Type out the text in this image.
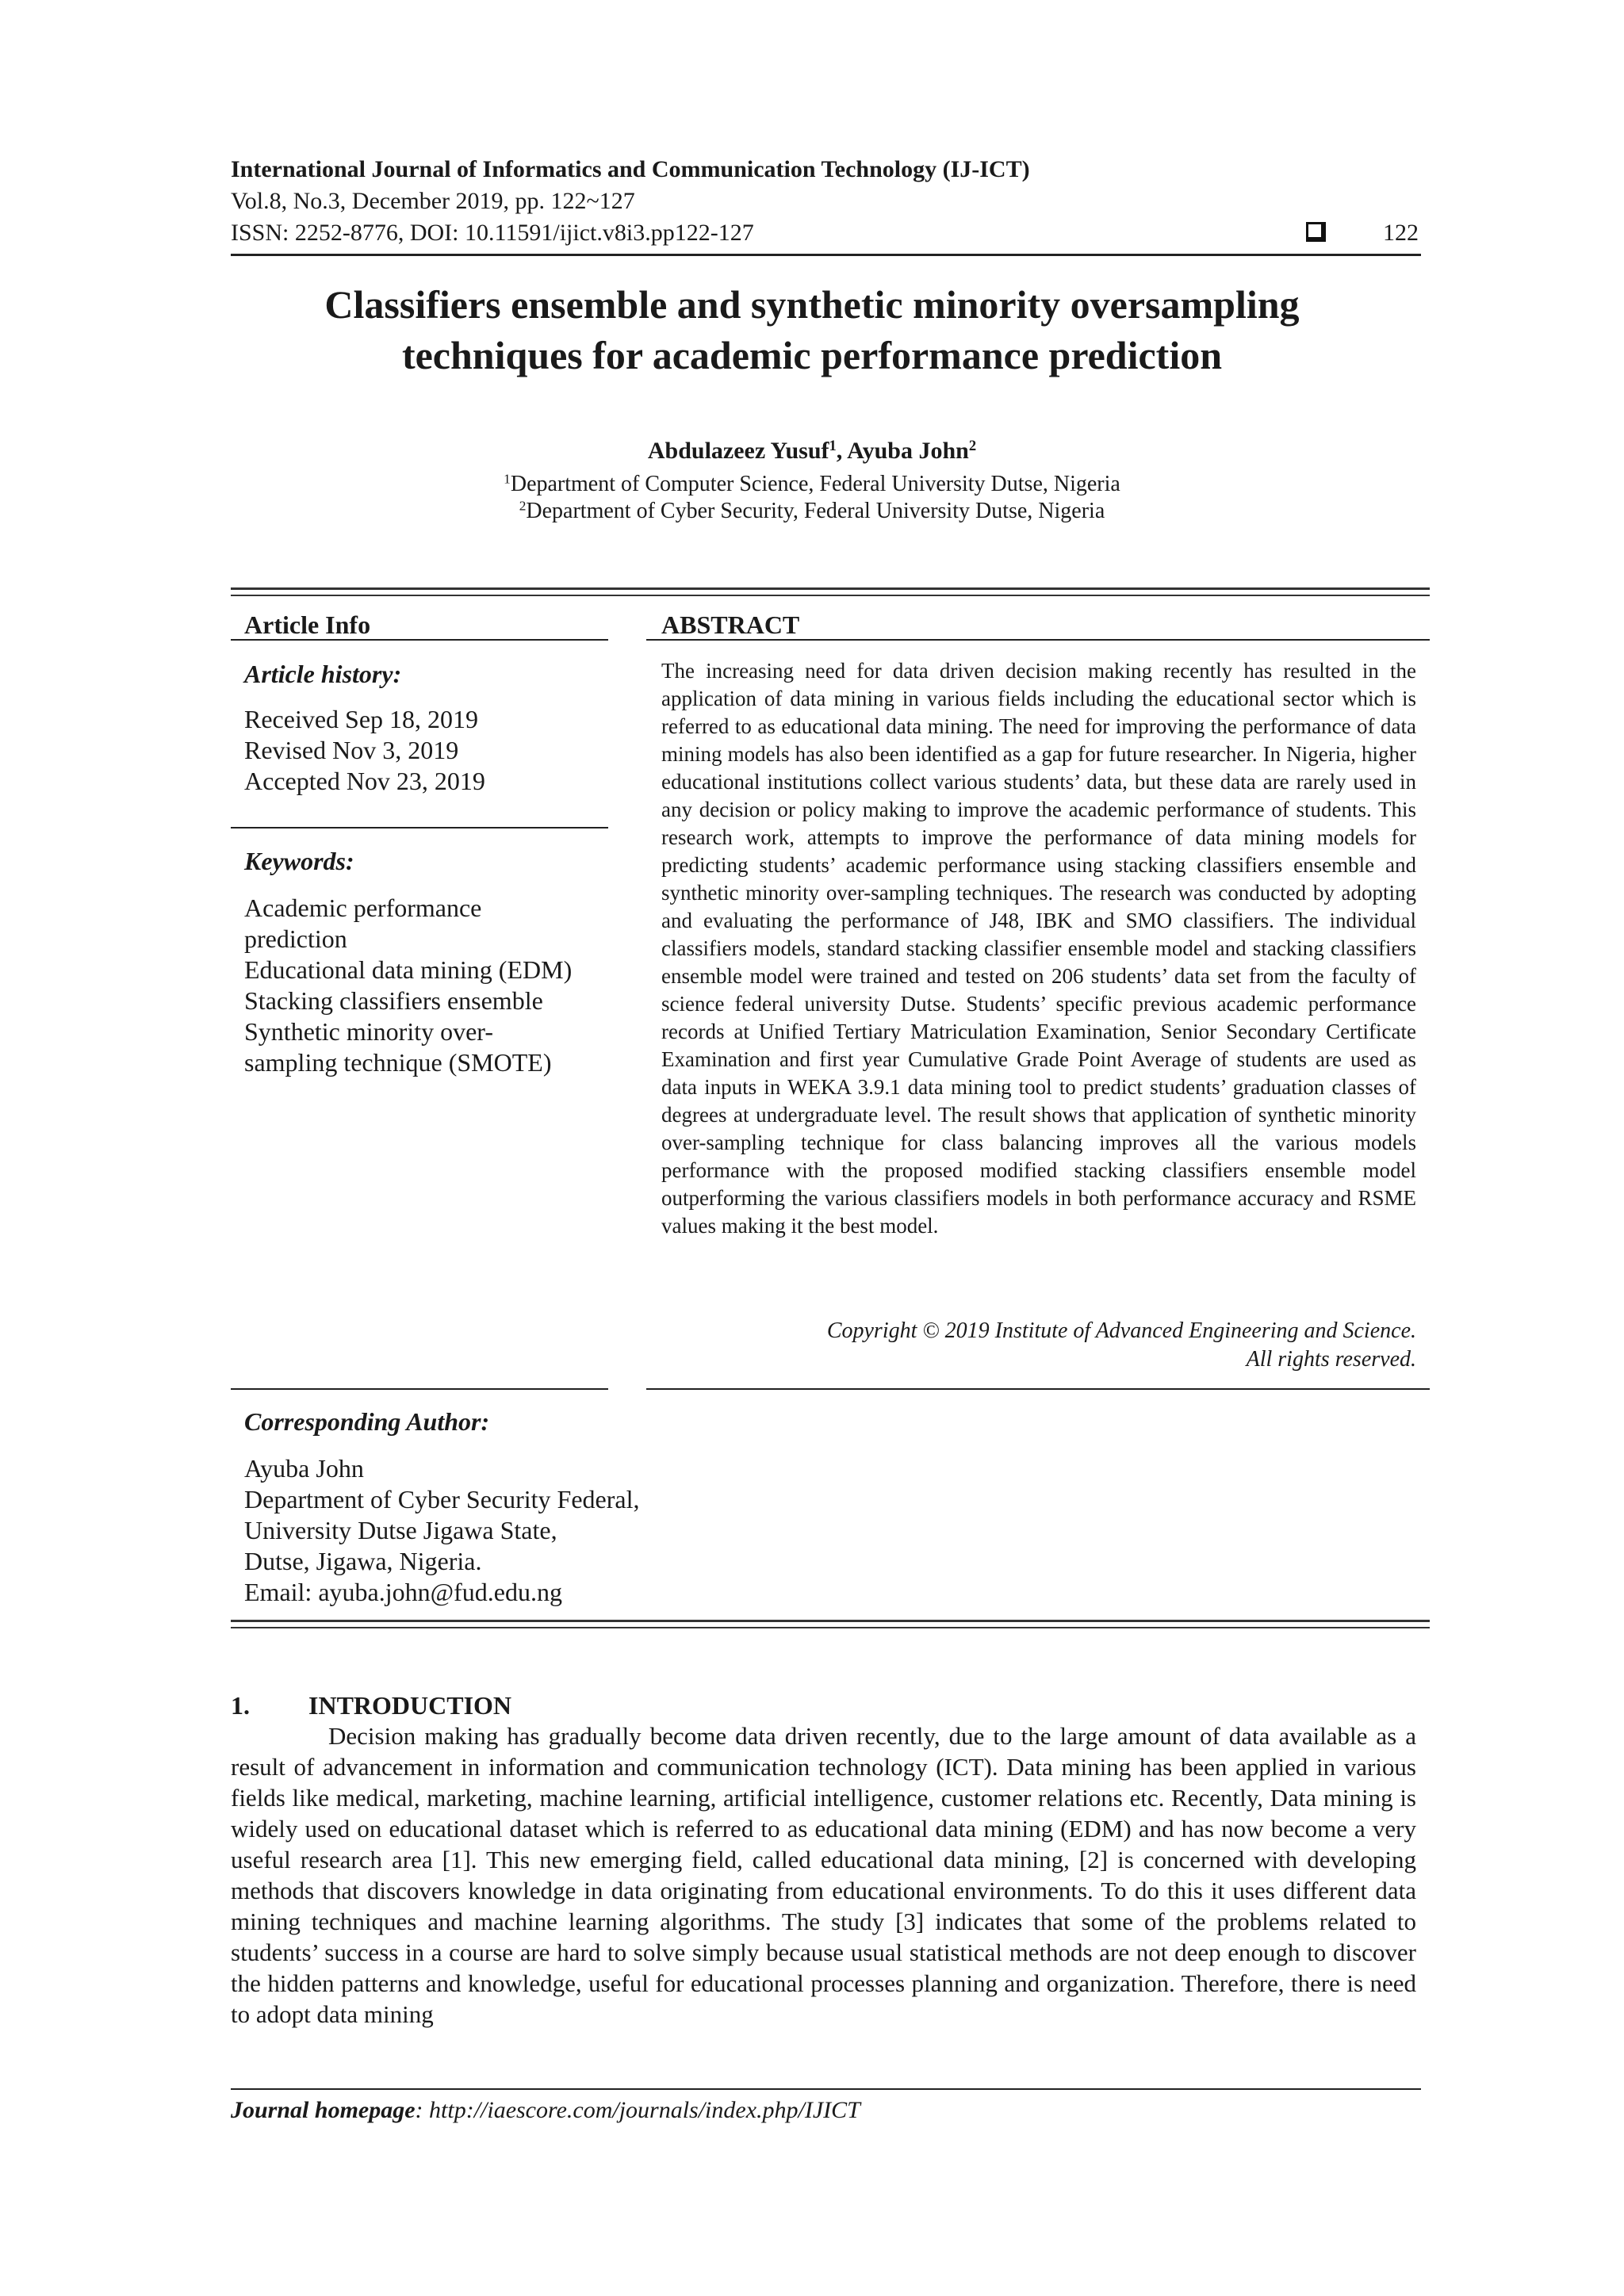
International Journal of Informatics and Communication Technology (IJ-ICT)
Vol.8, No.3, December 2019, pp. 122~127
ISSN: 2252-8776, DOI: 10.11591/ijict.v8i3.pp122-127	122
Classifiers ensemble and synthetic minority oversampling
techniques for academic performance prediction
Abdulazeez Yusuf$^1$, Ayuba John$^2$
$^1$Department of Computer Science, Federal University Dutse, Nigeria
$^2$Department of Cyber Security, Federal University Dutse, Nigeria
Article Info	ABSTRACT
Article history:
Received Sep 18, 2019
Revised Nov 3, 2019
Accepted Nov 23, 2019
Keywords:
Academic performance
prediction
Educational data mining (EDM)
Stacking classifiers ensemble
Synthetic minority over-
sampling technique (SMOTE)
The increasing need for data driven decision making recently has resulted in the application of data mining in various fields including the educational sector which is referred to as educational data mining. The need for improving the performance of data mining models has also been identified as a gap for future researcher. In Nigeria, higher educational institutions collect various students’ data, but these data are rarely used in any decision or policy making to improve the academic performance of students. This research work, attempts to improve the performance of data mining models for predicting students’ academic performance using stacking classifiers ensemble and synthetic minority over-sampling techniques. The research was conducted by adopting and evaluating the performance of J48, IBK and SMO classifiers. The individual classifiers models, standard stacking classifier ensemble model and stacking classifiers ensemble model were trained and tested on 206 students’ data set from the faculty of science federal university Dutse. Students’ specific previous academic performance records at Unified Tertiary Matriculation Examination, Senior Secondary Certificate Examination and first year Cumulative Grade Point Average of students are used as data inputs in WEKA 3.9.1 data mining tool to predict students’ graduation classes of degrees at undergraduate level. The result shows that application of synthetic minority over-sampling technique for class balancing improves all the various models performance with the proposed modified stacking classifiers ensemble model outperforming the various classifiers models in both performance accuracy and RSME values making it the best model.
Copyright © 2019 Institute of Advanced Engineering and Science.
All rights reserved.
Corresponding Author:
Ayuba John
Department of Cyber Security Federal,
University Dutse Jigawa State,
Dutse, Jigawa, Nigeria.
Email: ayuba.john@fud.edu.ng
1. INTRODUCTION
Decision making has gradually become data driven recently, due to the large amount of data available as a result of advancement in information and communication technology (ICT). Data mining has been applied in various fields like medical, marketing, machine learning, artificial intelligence, customer relations etc. Recently, Data mining is widely used on educational dataset which is referred to as educational data mining (EDM) and has now become a very useful research area [1]. This new emerging field, called educational data mining, [2] is concerned with developing methods that discovers knowledge in data originating from educational environments. To do this it uses different data mining techniques and machine learning algorithms. The study [3] indicates that some of the problems related to students’ success in a course are hard to solve simply because usual statistical methods are not deep enough to discover the hidden patterns and knowledge, useful for educational processes planning and organization. Therefore, there is need to adopt data mining
Journal homepage: http://iaescore.com/journals/index.php/IJICT
